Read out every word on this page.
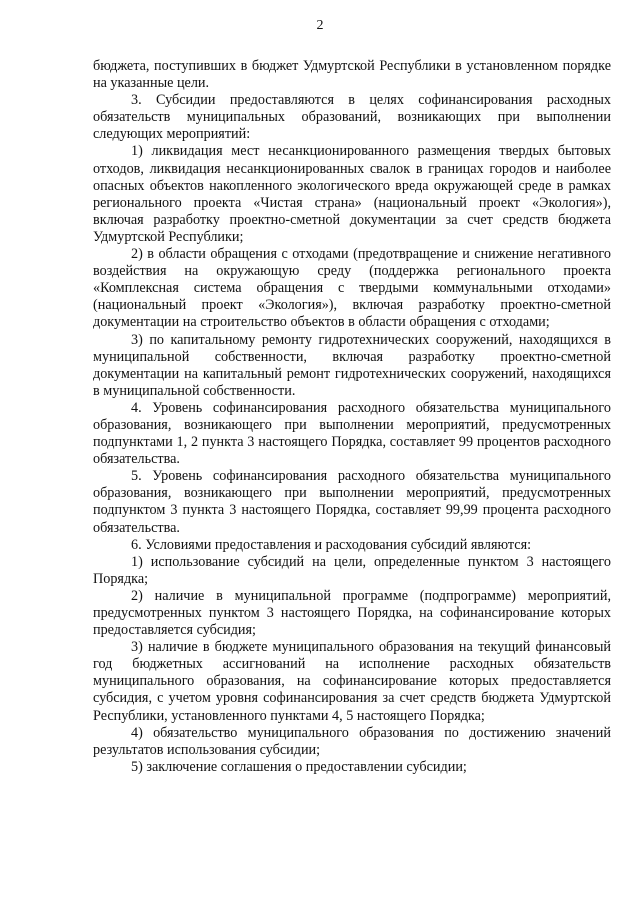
2

бюджета, поступивших в бюджет Удмуртской Республики в установленном порядке на указанные цели.

3. Субсидии предоставляются в целях софинансирования расходных обязательств муниципальных образований, возникающих при выполнении следующих мероприятий:

1) ликвидация мест несанкционированного размещения твердых бытовых отходов, ликвидация несанкционированных свалок в границах городов и наиболее опасных объектов накопленного экологического вреда окружающей среде в рамках регионального проекта «Чистая страна» (национальный проект «Экология»), включая разработку проектно-сметной документации за счет средств бюджета Удмуртской Республики;

2) в области обращения с отходами (предотвращение и снижение негативного воздействия на окружающую среду (поддержка регионального проекта «Комплексная система обращения с твердыми коммунальными отходами» (национальный проект «Экология»), включая разработку проектно-сметной документации на строительство объектов в области обращения с отходами;

3) по капитальному ремонту гидротехнических сооружений, находящихся в муниципальной собственности, включая разработку проектно-сметной документации на капитальный ремонт гидротехнических сооружений, находящихся в муниципальной собственности.

4. Уровень софинансирования расходного обязательства муниципального образования, возникающего при выполнении мероприятий, предусмотренных подпунктами 1, 2 пункта 3 настоящего Порядка, составляет 99 процентов расходного обязательства.

5. Уровень софинансирования расходного обязательства муниципального образования, возникающего при выполнении мероприятий, предусмотренных подпунктом 3 пункта 3 настоящего Порядка, составляет 99,99 процента расходного обязательства.

6. Условиями предоставления и расходования субсидий являются:

1) использование субсидий на цели, определенные пунктом 3 настоящего Порядка;

2) наличие в муниципальной программе (подпрограмме) мероприятий, предусмотренных пунктом 3 настоящего Порядка, на софинансирование которых предоставляется субсидия;

3) наличие в бюджете муниципального образования на текущий финансовый год бюджетных ассигнований на исполнение расходных обязательств муниципального образования, на софинансирование которых предоставляется субсидия, с учетом уровня софинансирования за счет средств бюджета Удмуртской Республики, установленного пунктами 4, 5 настоящего Порядка;

4) обязательство муниципального образования по достижению значений результатов использования субсидии;

5) заключение соглашения о предоставлении субсидии;
